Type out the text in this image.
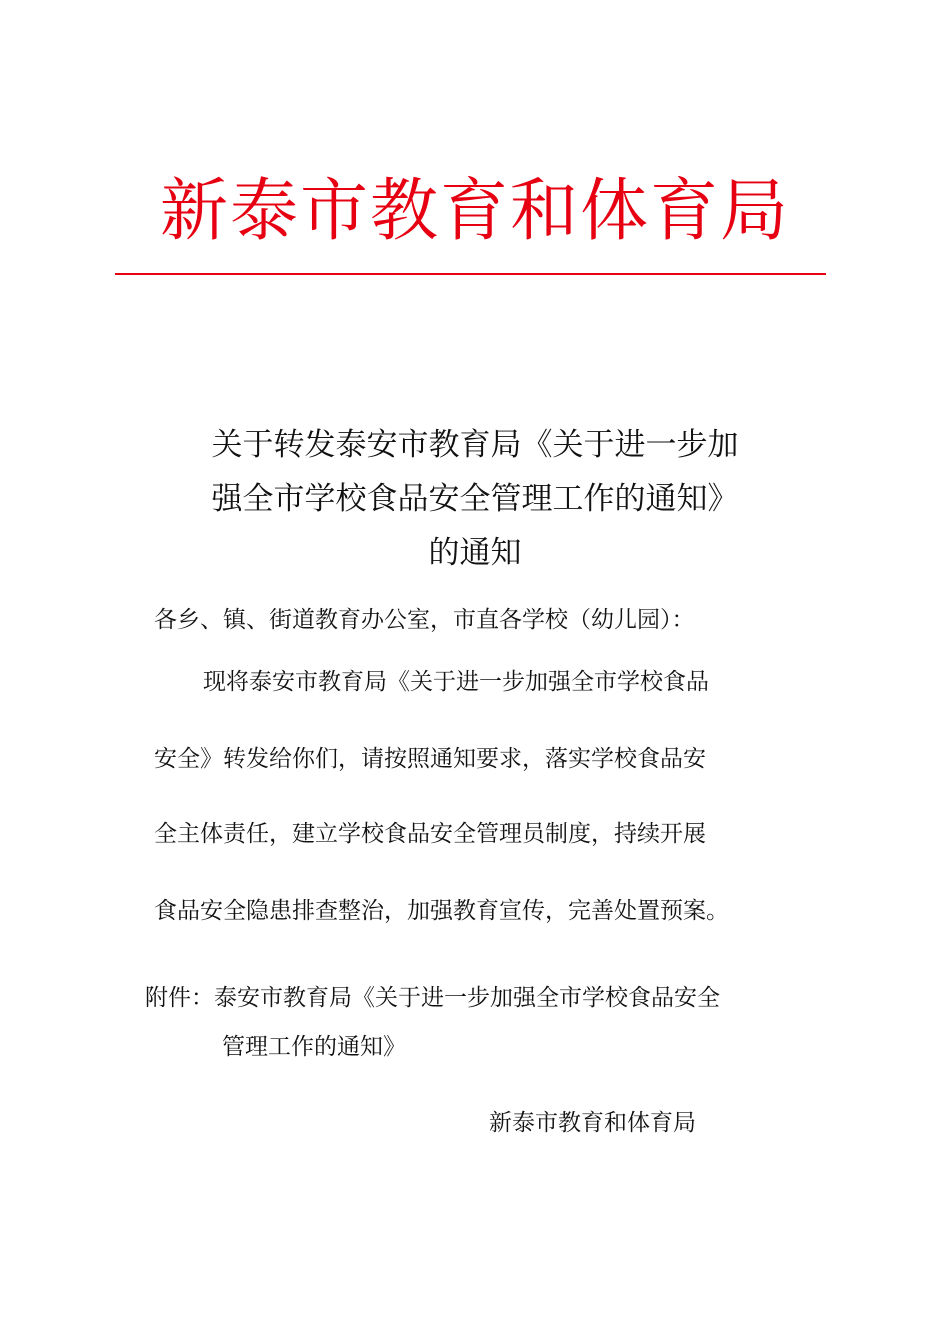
新泰市教育和体育局
关于转发泰安市教育局《关于进一步加
强全市学校食品安全管理工作的通知》
的通知
各乡、镇、街道教育办公室，市直各学校（幼儿园）：
现将泰安市教育局《关于进一步加强全市学校食品
安全》转发给你们，请按照通知要求，落实学校食品安
全主体责任，建立学校食品安全管理员制度，持续开展
食品安全隐患排查整治，加强教育宣传，完善处置预案。
附件：泰安市教育局《关于进一步加强全市学校食品安全
管理工作的通知》
新泰市教育和体育局
